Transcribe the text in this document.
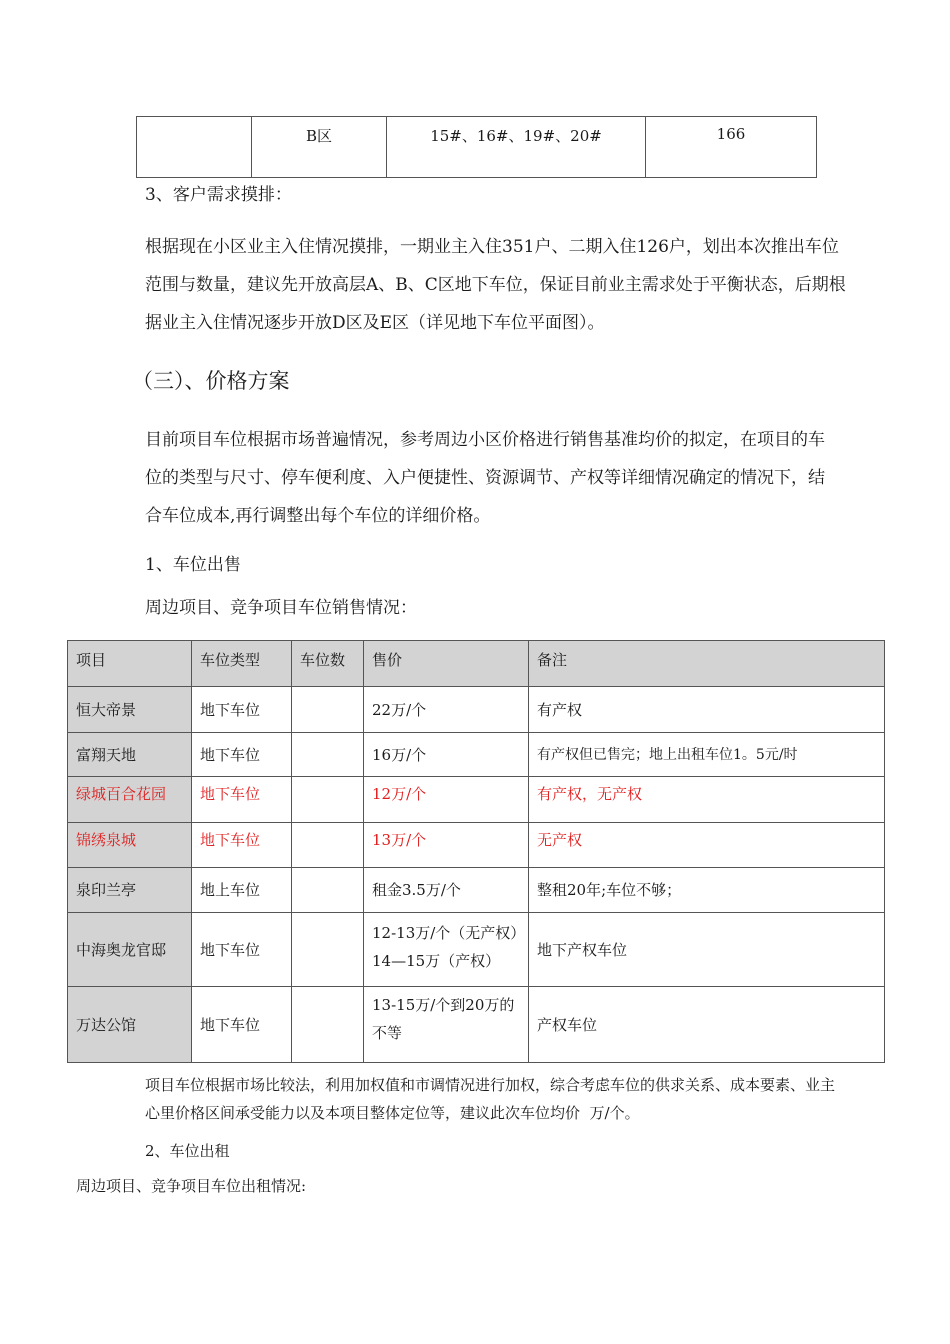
	B区	15#、16#、19#、20#	166
3、客户需求摸排：
根据现在小区业主入住情况摸排，一期业主入住351户、二期入住126户，划出本次推出车位
范围与数量，建议先开放高层A、B、C区地下车位，保证目前业主需求处于平衡状态，后期根
据业主入住情况逐步开放D区及E区（详见地下车位平面图）。
（三）、价格方案
目前项目车位根据市场普遍情况，参考周边小区价格进行销售基准均价的拟定，在项目的车
位的类型与尺寸、停车便利度、入户便捷性、资源调节、产权等详细情况确定的情况下，结
合车位成本,再行调整出每个车位的详细价格。
1、车位出售
周边项目、竞争项目车位销售情况：
项目	车位类型	车位数	售价	备注
恒大帝景	地下车位		22万/个	有产权
富翔天地	地下车位		16万/个	有产权但已售完；地上出租车位1。5元/时
绿城百合花园	地下车位		12万/个	有产权，无产权
锦绣泉城	地下车位		13万/个	无产权
泉印兰亭	地上车位		租金3.5万/个	整租20年;车位不够；
中海奥龙官邸	地下车位		12-13万/个（无产权）14—15万（产权）	地下产权车位
万达公馆	地下车位		13-15万/个到20万的不等	产权车位
项目车位根据市场比较法，利用加权值和市调情况进行加权，综合考虑车位的供求关系、成本要素、业主
心里价格区间承受能力以及本项目整体定位等，建议此次车位均价  万/个。
2、车位出租
周边项目、竞争项目车位出租情况:
